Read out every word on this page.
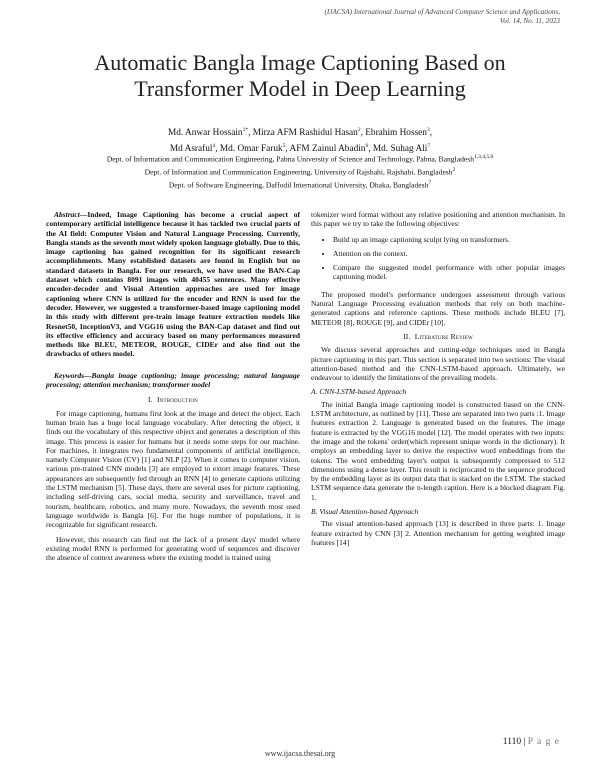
(IJACSA) International Journal of Advanced Computer Science and Applications,
Vol. 14, No. 11, 2023
Automatic Bangla Image Captioning Based on Transformer Model in Deep Learning
Md. Anwar Hossain$^{1*}$, Mirza AFM Rashidul Hasan$^2$, Ebrahim Hossen$^3$,
Md Asraful$^4$, Md. Omar Faruk$^5$, AFM Zainul Abadin$^6$, Md. Suhag Ali$^7$
Dept. of Information and Communication Engineering, Pabna University of Science and Technology, Pabna, Bangladesh$^{1,3,4,5,6}$
Dept. of Information and Communication Engineering, University of Rajshahi, Rajshahi, Bangladesh$^2$
Dept. of Software Engineering, Daffodil International University, Dhaka, Bangladesh$^7$

Abstract—Indeed, Image Captioning has become a crucial aspect of contemporary artificial intelligence because it has tackled two crucial parts of the AI field: Computer Vision and Natural Language Processing. Currently, Bangla stands as the seventh most widely spoken language globally. Due to this, image captioning has gained recognition for its significant research accomplishments. Many established datasets are found in English but no standard datasets in Bangla. For our research, we have used the BAN-Cap dataset which contains 8091 images with 40455 sentences. Many effective encoder-decoder and Visual Attention approaches are used for image captioning where CNN is utilized for the encoder and RNN is used for the decoder. However, we suggested a transformer-based image captioning model in this study with different pre-train image feature extraction models like Resnet50, InceptionV3, and VGG16 using the BAN-Cap dataset and find out its effective efficiency and accuracy based on many performances measured methods like BLEU, METEOR, ROUGE, CIDEr and also find out the drawbacks of others model.

Keywords—Bangla image captioning; image processing; natural language processing; attention mechanism; transformer model

I. Introduction

For image captioning, humans first look at the image and detect the object. Each human brain has a huge local language vocabulary. After detecting the object, it finds out the vocabulary of this respective object and generates a description of this image. This process is easier for humans but it needs some steps for our machine. For machines, it integrates two fundamental components of artificial intelligence, namely Computer Vision (CV) [1] and NLP [2]. When it comes to computer vision, various pre-trained CNN models [3] are employed to extort image features. These appearances are subsequently fed through an RNN [4] to generate captions utilizing the LSTM mechanism [5]. These days, there are several uses for picture captioning, including self-driving cars, social media, security and surveillance, travel and tourism, healthcare, robotics, and many more. Nowadays, the seventh most used language worldwide is Bangla [6]. For the huge number of populations, it is recognizable for significant research.

However, this research can find out the lack of a present days' model where existing model RNN is performed for generating word of sequences and discover the absence of context awareness where the existing model is trained using

tokenizer word format without any relative positioning and attention mechanism. In this paper we try to take the following objectives:

• Build up an image captioning sculpt lying on transformers.
• Attention on the context.
• Compare the suggested model performance with other popular images captioning model.

The proposed model's performance undergoes assessment through various Natural Language Processing evaluation methods that rely on both machine-generated captions and reference captions. These methods include BLEU [7], METEOR [8], ROUGE [9], and CIDEr [10].

II. Literature Review

We discuss several approaches and cutting-edge techniques used in Bangla picture captioning in this part. This section is separated into two sections: The visual attention-based method and the CNN-LSTM-based approach. Ultimately, we endeavour to identify the limitations of the prevailing models.

A. CNN-LSTM-based Approach

The initial Bangla image captioning model is constructed based on the CNN-LSTM architecture, as outlined by [11]. These are separated into two parts :1. Image features extraction 2. Language is generated based on the features. The image feature is extracted by the VGG16 model [12]. The model operates with two inputs: the image and the tokens' order(which represent unique words in the dictionary). It employs an embedding layer to derive the respective word embeddings from the tokens. The word embedding layer's output is subsequently compressed to 512 dimensions using a dense layer. This result is reciprocated to the sequence produced by the embedding layer as its output data that is stacked on the LSTM. The stacked LSTM sequence data generate the n-length caption. Here is a blocked diagram Fig. 1.

B. Visual Attention-based Approach

The visual attention-based approach [13] is described in three parts: 1. Image feature extracted by CNN [3] 2. Attention mechanism for getting weighted image features [14]

1110 | P a g e
www.ijacsa.thesai.org
